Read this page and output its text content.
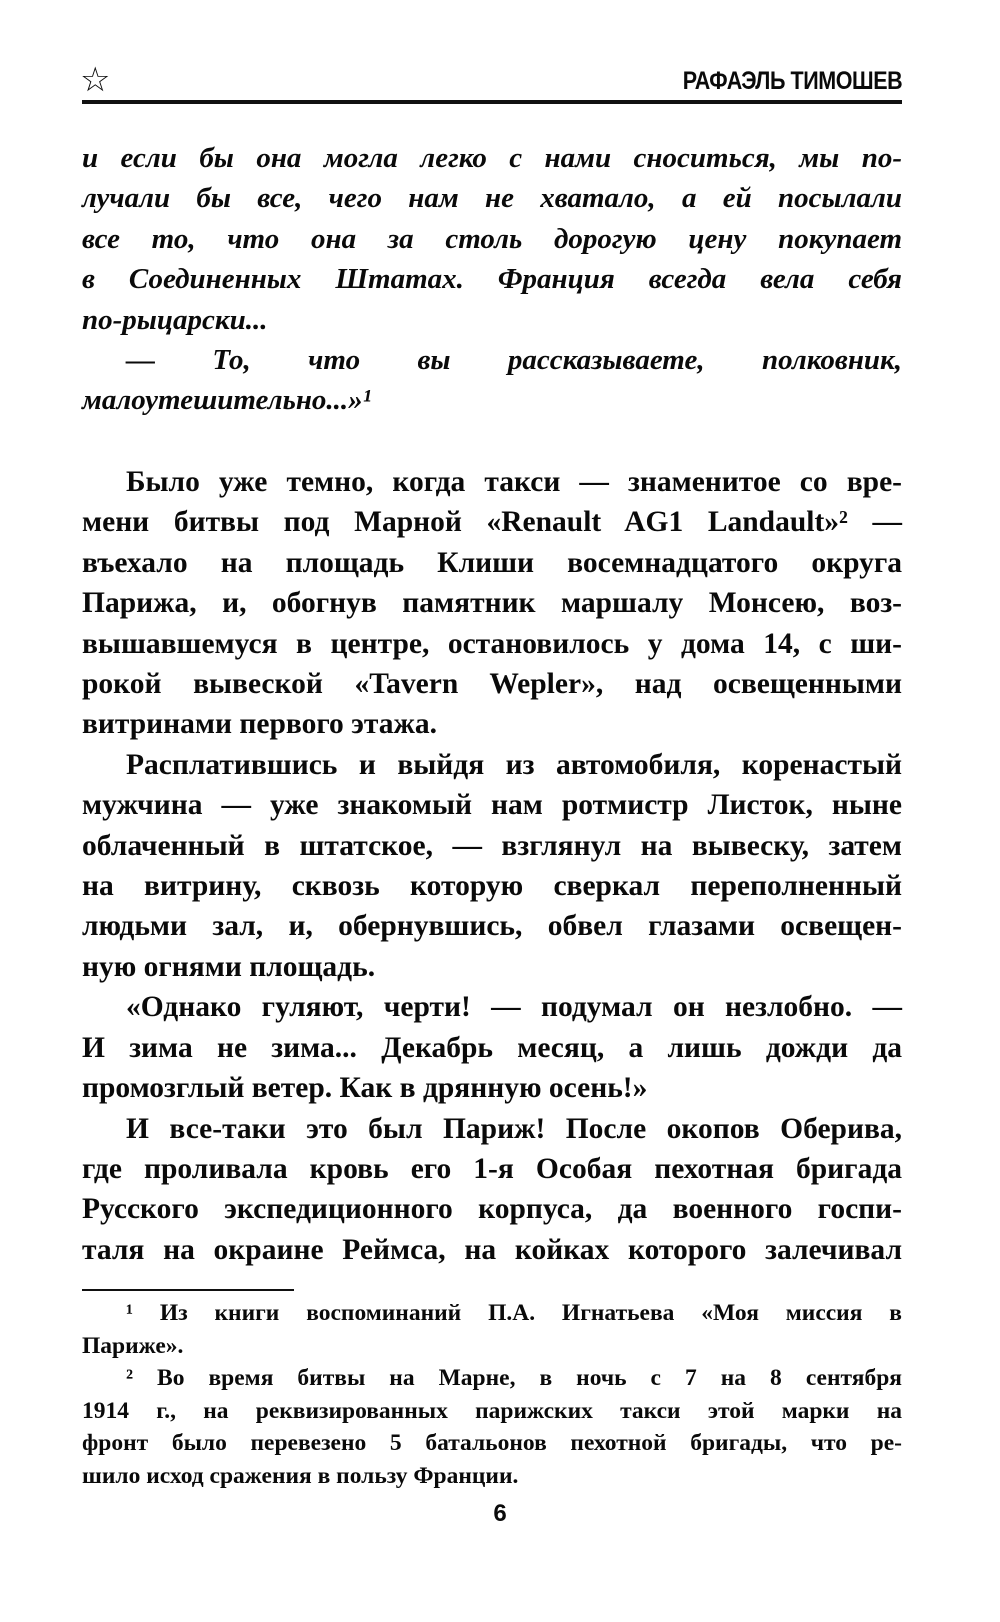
☆	РАФАЭЛЬ ТИМОШЕВ
и если бы она могла легко с нами сноситься, мы по-
лучали бы все, чего нам не хватало, а ей посылали
все то, что она за столь дорогую цену покупает
в Соединенных Штатах. Франция всегда вела себя
по-рыцарски...
— То, что вы рассказываете, полковник,
малоутешительно...»¹
Было уже темно, когда такси — знаменитое со вре-
мени битвы под Марной «Renault AG1 Landault»² —
въехало на площадь Клиши восемнадцатого округа
Парижа, и, обогнув памятник маршалу Монсею, воз-
вышавшемуся в центре, остановилось у дома 14, с ши-
рокой вывеской «Tavern Wepler», над освещенными
витринами первого этажа.
Расплатившись и выйдя из автомобиля, коренастый
мужчина — уже знакомый нам ротмистр Листок, ныне
облаченный в штатское, — взглянул на вывеску, затем
на витрину, сквозь которую сверкал переполненный
людьми зал, и, обернувшись, обвел глазами освещен-
ную огнями площадь.
«Однако гуляют, черти! — подумал он незлобно. —
И зима не зима... Декабрь месяц, а лишь дожди да
промозглый ветер. Как в дрянную осень!»
И все-таки это был Париж! После окопов Оберива,
где проливала кровь его 1-я Особая пехотная бригада
Русского экспедиционного корпуса, да военного госпи-
таля на окраине Реймса, на койках которого залечивал
¹ Из книги воспоминаний П.А. Игнатьева «Моя миссия в
Париже».
² Во время битвы на Марне, в ночь с 7 на 8 сентября
1914 г., на реквизированных парижских такси этой марки на
фронт было перевезено 5 батальонов пехотной бригады, что ре-
шило исход сражения в пользу Франции.
6
